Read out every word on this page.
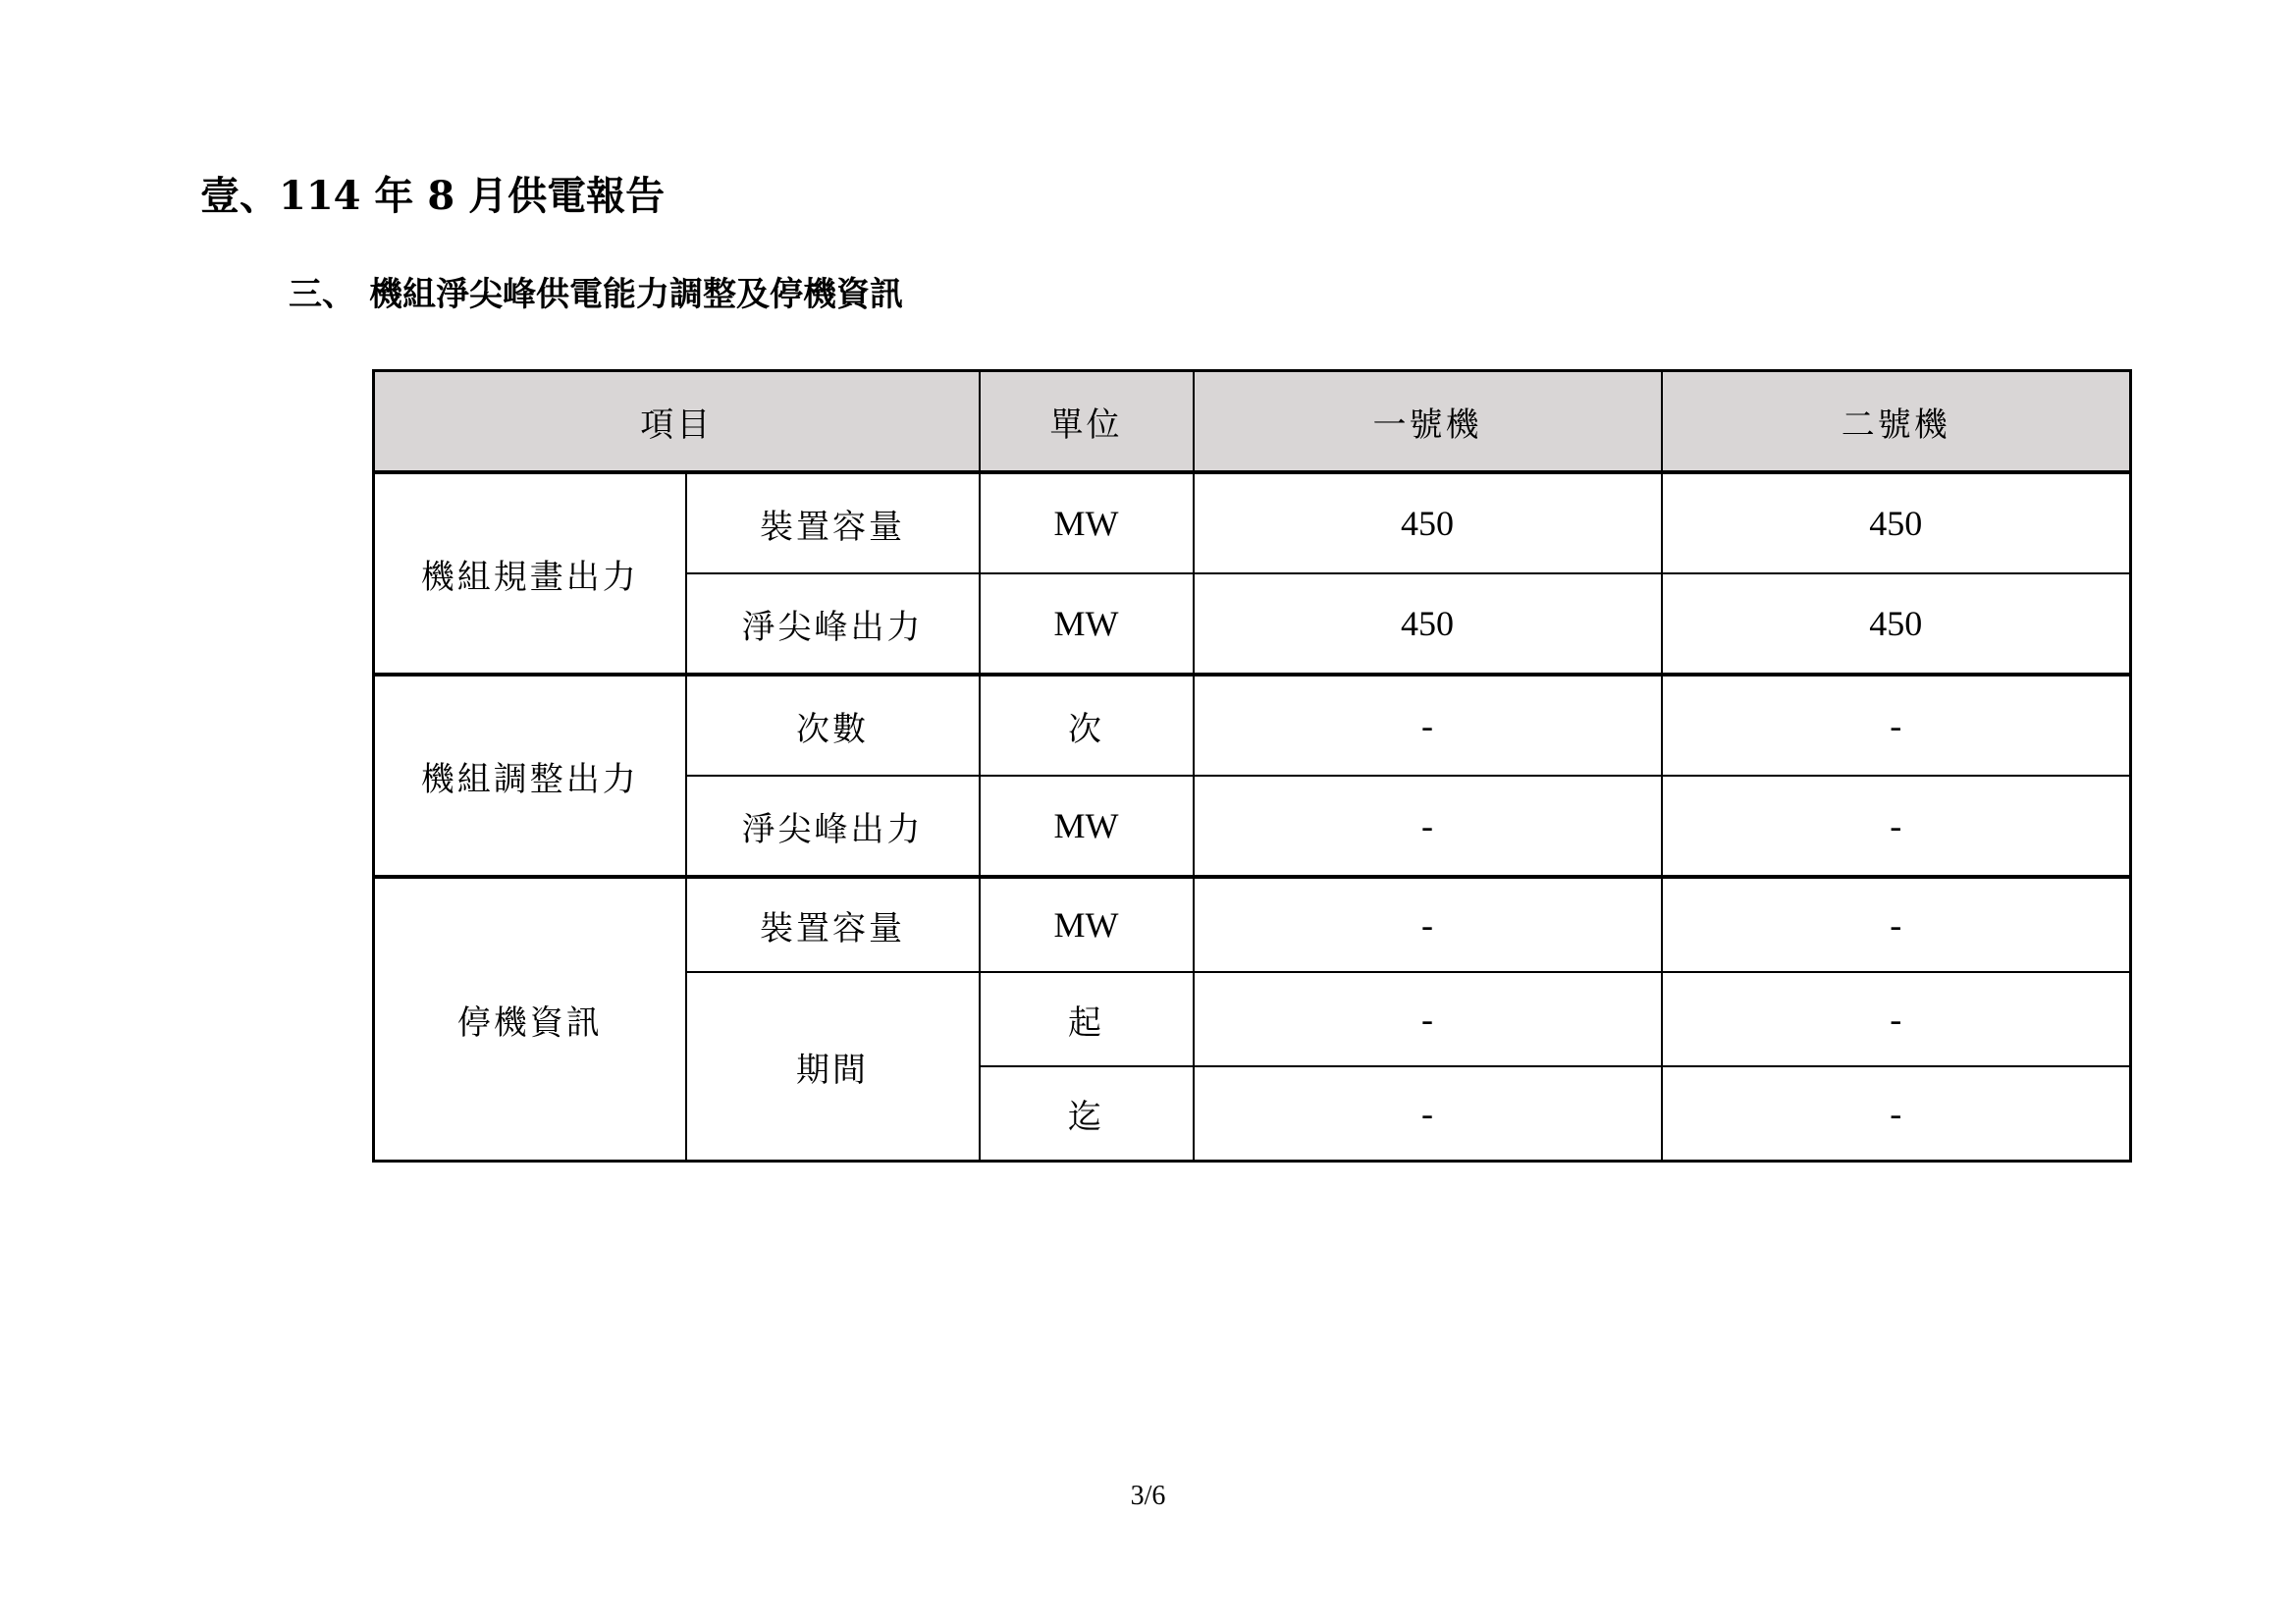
壹、114 年 8 月供電報告
三、 機組淨尖峰供電能力調整及停機資訊
項目		單位	一號機	二號機
機組規畫出力	裝置容量	MW	450	450
	淨尖峰出力	MW	450	450
機組調整出力	次數	次	-	-
	淨尖峰出力	MW	-	-
停機資訊	裝置容量	MW	-	-
	期間	起	-	-
		迄	-	-
3/6
